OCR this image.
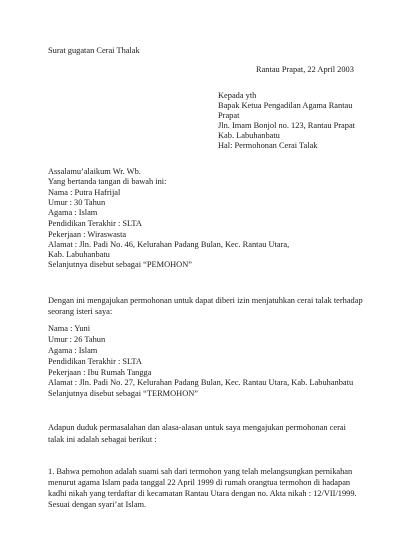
Surat gugatan Cerai Thalak
Rantau Prapat, 22 April 2003
Kepada yth
Bapak Ketua Pengadilan Agama Rantau
Prapat
Jln. Imam Bonjol no. 123, Rantau Prapat
Kab. Labuhanbatu
Hal: Permohonan Cerai Talak
Assalamu’alaikum Wr. Wb.
Yang bertanda tangan di bawah ini:
Nama : Putra Hafrijal
Umur : 30 Tahun
Agama : Islam
Pendidikan Terakhir : SLTA
Pekerjaan : Wiraswasta
Alamat : Jln. Padi No. 46, Kelurahan Padang Bulan, Kec. Rantau Utara,
Kab. Labuhanbatu
Selanjutnya disebut sebagai “PEMOHON”
Dengan ini mengajukan permohonan untuk dapat diberi izin menjatuhkan cerai talak terhadap
seorang isteri saya:
Nama : Yuni
Umur : 26 Tahun
Agama : Islam
Pendidikan Terakhir : SLTA
Pekerjaan : Ibu Rumah Tangga
Alamat : Jln. Padi No. 27, Kelurahan Padang Bulan, Kec. Rantau Utara, Kab. Labuhanbatu
Selanjutnya disebut sebagai “TERMOHON”
Adapun duduk permasalahan dan alasa-alasan untuk saya mengajukan permohonan cerai
talak ini adalah sebagai berikut :
1. Bahwa pemohon adalah suami sah dari termohon yang telah melangsungkan pernikahan
menurut agama Islam pada tanggal 22 April 1999 di rumah orangtua termohon di hadapan
kadhi nikah yang terdaftar di kecamatan Rantau Utara dengan no. Akta nikah : 12/VII/1999.
Sesuai dengan syari’at Islam.
